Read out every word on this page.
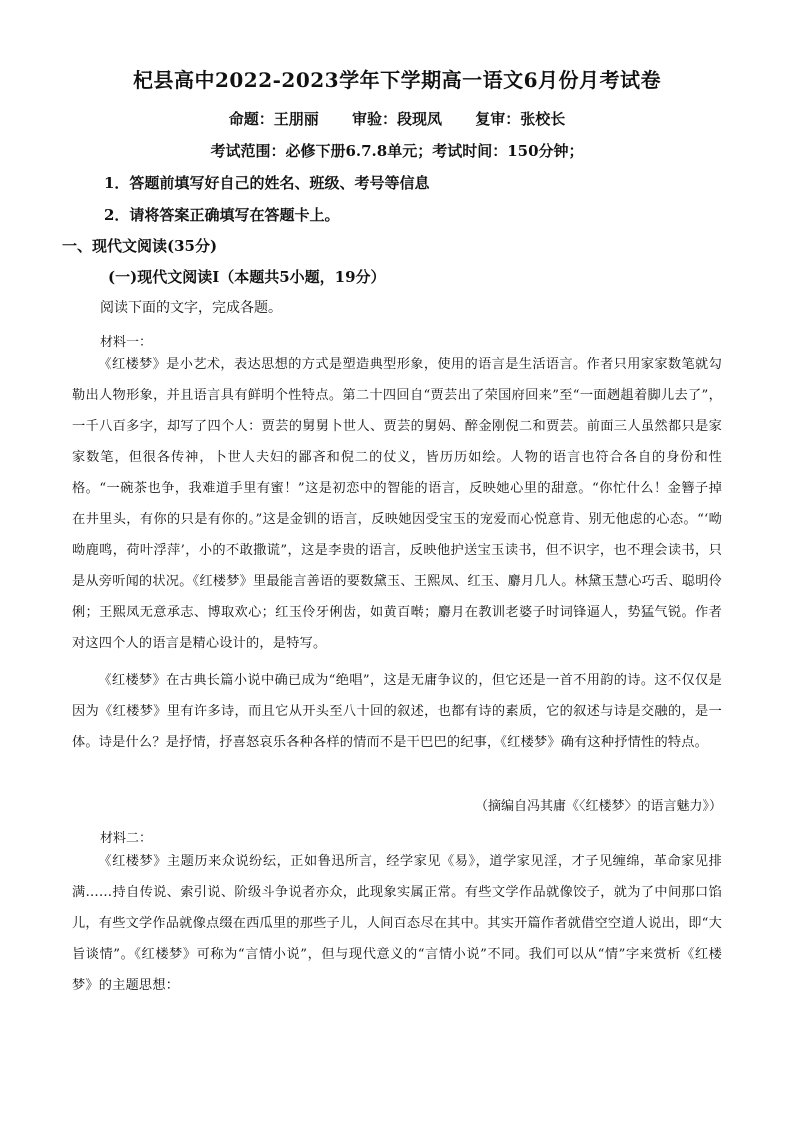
杞县高中2022-2023学年下学期高一语文6月份月考试卷
命题：王朋丽 审验：段现凤 复审：张校长
考试范围：必修下册6.7.8单元；考试时间：150分钟；
1．答题前填写好自己的姓名、班级、考号等信息
2．请将答案正确填写在答题卡上。
一、现代文阅读(35分)
(一)现代文阅读Ⅰ（本题共5小题，19分）
阅读下面的文字，完成各题。
材料一：
《红楼梦》是小艺术，表达思想的方式是塑造典型形象，使用的语言是生活语言。作者只用家家数笔就勾勒出人物形象，并且语言具有鲜明个性特点。第二十四回自“贾芸出了荣国府回来”至“一面趔趄着脚儿去了”，一千八百多字，却写了四个人：贾芸的舅舅卜世人、贾芸的舅妈、醉金刚倪二和贾芸。前面三人虽然都只是家家数笔，但很各传神，卜世人夫妇的鄙吝和倪二的仗义，皆历历如绘。人物的语言也符合各自的身份和性格。“一碗茶也争，我难道手里有蜜！”这是初恋中的智能的语言，反映她心里的甜意。“你忙什么！金簪子掉在井里头，有你的只是有你的。”这是金钏的语言，反映她因受宝玉的宠爱而心悦意肯、别无他虑的心态。“‘呦呦鹿鸣，荷叶浮萍’，小的不敢撒谎”，这是李贵的语言，反映他护送宝玉读书，但不识字，也不理会读书，只是从旁听闻的状况。《红楼梦》里最能言善语的要数黛玉、王熙凤、红玉、麝月几人。林黛玉慧心巧舌、聪明伶俐；王熙凤无意承志、博取欢心；红玉伶牙俐齿，如黄百啭；麝月在教训老婆子时词锋逼人，势猛气锐。作者对这四个人的语言是精心设计的，是特写。
《红楼梦》在古典长篇小说中确已成为“绝唱”，这是无庸争议的，但它还是一首不用韵的诗。这不仅仅是因为《红楼梦》里有许多诗，而且它从开头至八十回的叙述，也都有诗的素质，它的叙述与诗是交融的，是一体。诗是什么？是抒情，抒喜怒哀乐各种各样的情而不是干巴巴的纪事，《红楼梦》确有这种抒情性的特点。
（摘编自冯其庸《〈红楼梦〉的语言魅力》）
材料二：
《红楼梦》主题历来众说纷纭，正如鲁迅所言，经学家见《易》，道学家见淫，才子见缠绵，革命家见排满……持自传说、索引说、阶级斗争说者亦众，此现象实属正常。有些文学作品就像饺子，就为了中间那口馅儿，有些文学作品就像点缀在西瓜里的那些子儿，人间百态尽在其中。其实开篇作者就借空空道人说出，即“大旨谈情”。《红楼梦》可称为“言情小说”，但与现代意义的“言情小说”不同。我们可以从“情”字来赏析《红楼梦》的主题思想：
